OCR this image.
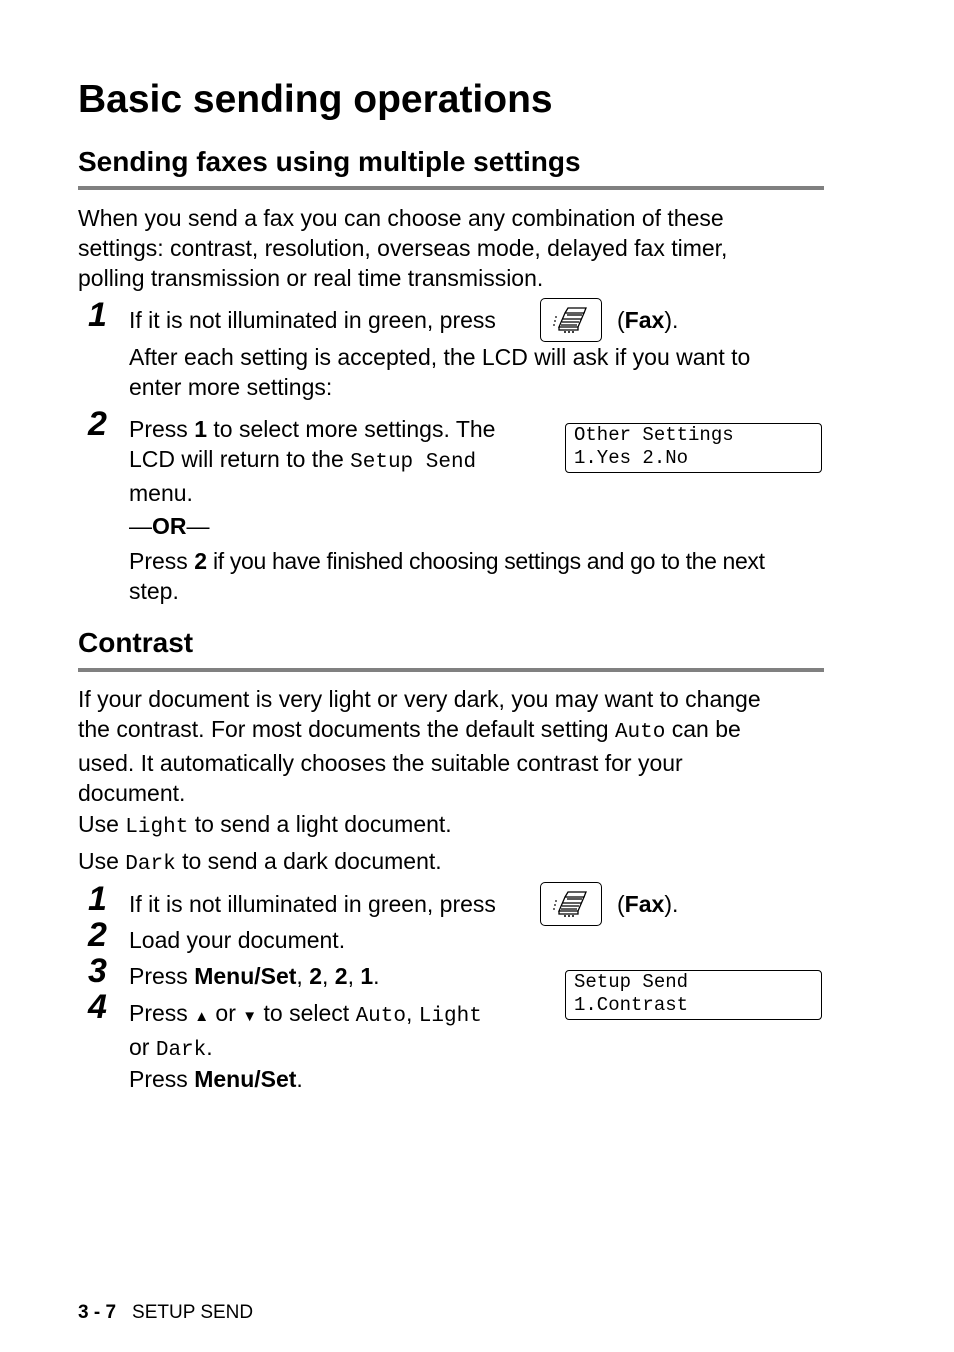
Basic sending operations
Sending faxes using multiple settings
When you send a fax you can choose any combination of these
settings: contrast, resolution, overseas mode, delayed fax timer,
polling transmission or real time transmission.
1 If it is not illuminated in green, press	(Fax).
After each setting is accepted, the LCD will ask if you want to
enter more settings:
2 Press 1 to select more settings. The
LCD will return to the Setup Send
menu.
Other Settings
1.Yes 2.No
—OR—
Press 2 if you have finished choosing settings and go to the next
step.
Contrast
If your document is very light or very dark, you may want to change
the contrast. For most documents the default setting Auto can be
used. It automatically chooses the suitable contrast for your
document.
Use Light to send a light document.
Use Dark to send a dark document.
1 If it is not illuminated in green, press	(Fax).
2 Load your document.
3 Press Menu/Set, 2, 2, 1.	Setup Send
1.Contrast
4 Press ▲ or ▼ to select Auto, Light
or Dark.
Press Menu/Set.
3 - 7 SETUP SEND
